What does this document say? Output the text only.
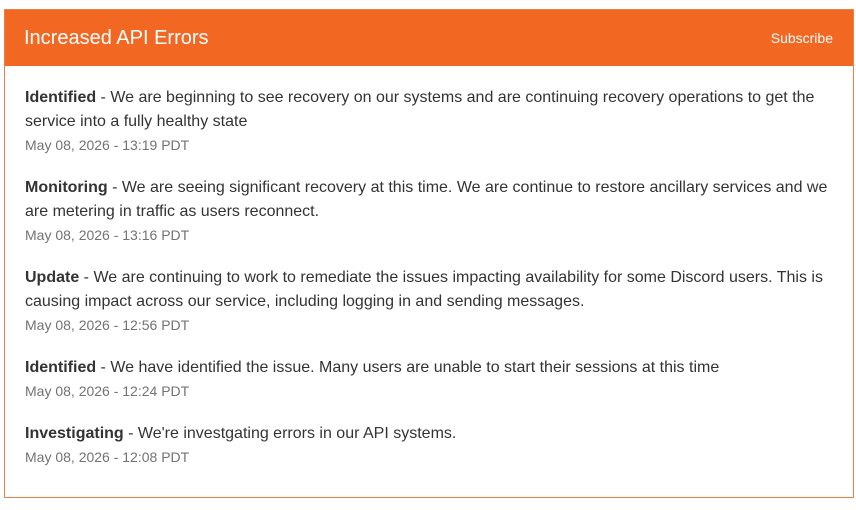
Increased API Errors	Subscribe
Identified - We are beginning to see recovery on our systems and are continuing recovery operations to get the service into a fully healthy state
May 08, 2026 - 13:19 PDT
Monitoring - We are seeing significant recovery at this time. We are continue to restore ancillary services and we are metering in traffic as users reconnect.
May 08, 2026 - 13:16 PDT
Update - We are continuing to work to remediate the issues impacting availability for some Discord users. This is causing impact across our service, including logging in and sending messages.
May 08, 2026 - 12:56 PDT
Identified - We have identified the issue. Many users are unable to start their sessions at this time
May 08, 2026 - 12:24 PDT
Investigating - We're investgating errors in our API systems.
May 08, 2026 - 12:08 PDT
